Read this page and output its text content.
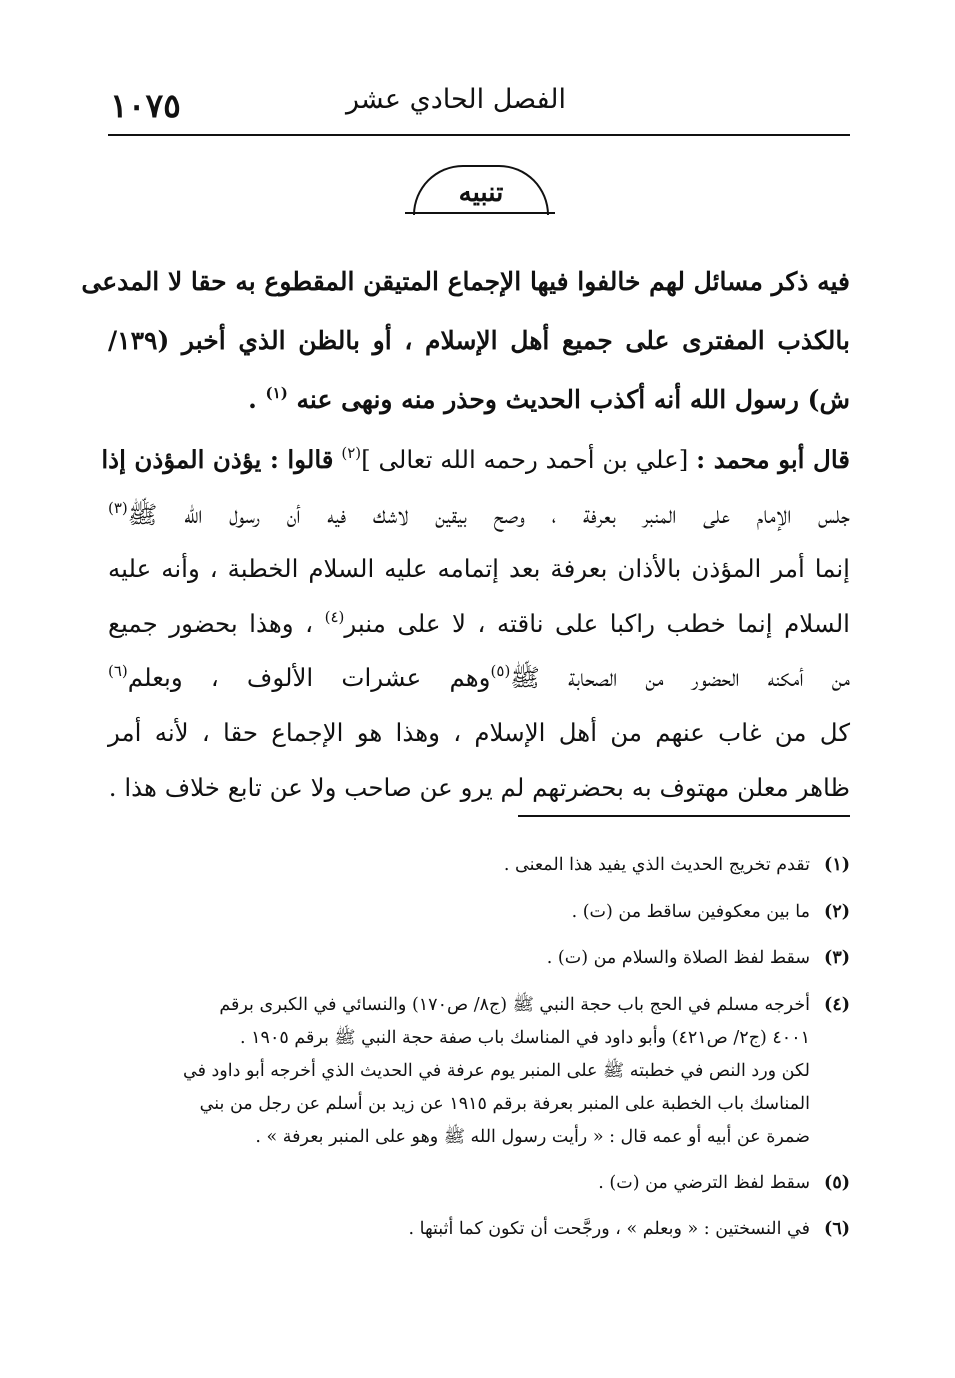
١٠٧٥	الفصل الحادي عشر
تنبيه
فيه ذكر مسائل لهم خالفوا فيها الإجماع المتيقن المقطوع به حقا لا المدعى
بالكذب المفترى على جميع أهل الإسلام ، أو بالظن الذي أخبر (١٣٩/
ش) رسول الله أنه أكذب الحديث وحذر منه ونهى عنه $^{(١)}$ .
قال أبو محمد : [علي بن أحمد رحمه الله تعالى ]$^{(٢)}$ قالوا : يؤذن المؤذن إذا
جلس الإمام على المنبر بعرفة ، وصح بيقين لاشك فيه أن رسول الله ﷺ$^{(٣)}$
إنما أمر المؤذن بالأذان بعرفة بعد إتمامه عليه السلام الخطبة ، وأنه عليه
السلام إنما خطب راكبا على ناقته ، لا على منبر$^{(٤)}$ ، وهذا بحضور جميع
من أمكنه الحضور من الصحابة ﷺ$^{(٥)}$وهم عشرات الألوف ، وبعلم$^{(٦)}$
كل من غاب عنهم من أهل الإسلام ، وهذا هو الإجماع حقا ، لأنه أمر
ظاهر معلن مهتوف به بحضرتهم لم يرو عن صاحب ولا عن تابع خلاف هذا .
(١)
تقدم تخريج الحديث الذي يفيد هذا المعنى .
(٢)
ما بين معكوفين ساقط من (ت) .
(٣)
سقط لفظ الصلاة والسلام من (ت) .
(٤)
أخرجه مسلم في الحج باب حجة النبي ﷺ (ج٨/ ص١٧٠) والنسائي في الكبرى برقم
٤٠٠١ (ج٢/ ص٤٢١) وأبو داود في المناسك باب صفة حجة النبي ﷺ برقم ١٩٠٥ .
لكن ورد النص في خطبته ﷺ على المنبر يوم عرفة في الحديث الذي أخرجه أبو داود في
المناسك باب الخطبة على المنبر بعرفة برقم ١٩١٥ عن زيد بن أسلم عن رجل من بني
ضمرة عن أبيه أو عمه قال : « رأيت رسول الله ﷺ وهو على المنبر بعرفة » .
(٥)
سقط لفظ الترضي من (ت) .
(٦)
في النسختين : « وبعلم » ، ورجَّحت أن تكون كما أثبتها .
